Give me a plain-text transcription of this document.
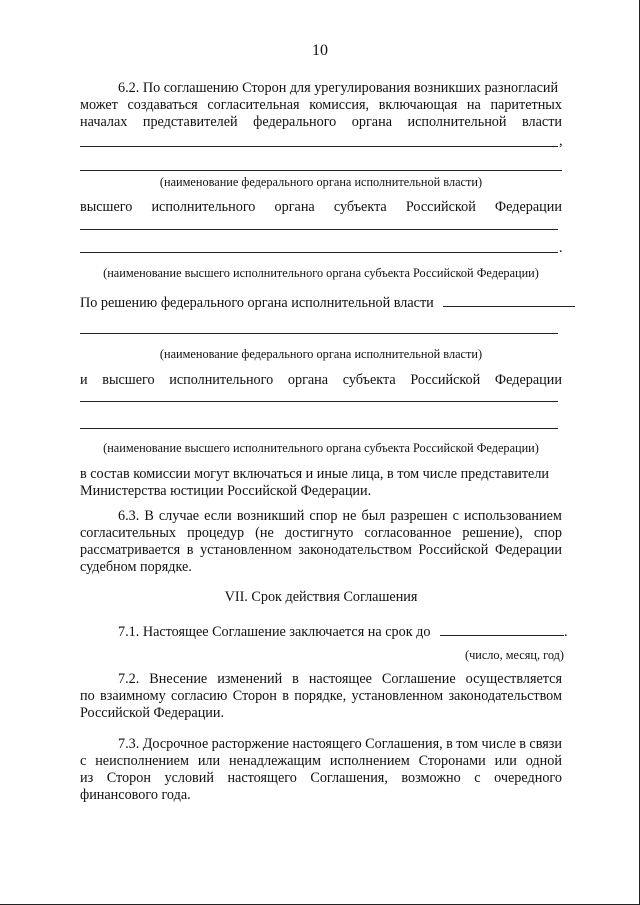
10
6.2. По соглашению Сторон для урегулирования возникших разногласий
может создаваться согласительная комиссия, включающая на паритетных
началах представителей федерального органа исполнительной власти
,
(наименование федерального органа исполнительной власти)
высшего исполнительного органа субъекта Российской Федерации
.
(наименование высшего исполнительного органа субъекта Российской Федерации)
По решению федерального органа исполнительной власти
(наименование федерального органа исполнительной власти)
и высшего исполнительного органа субъекта Российской Федерации
(наименование высшего исполнительного органа субъекта Российской Федерации)
в состав комиссии могут включаться и иные лица, в том числе представители
Министерства юстиции Российской Федерации.
6.3. В случае если возникший спор не был разрешен с использованием
согласительных процедур (не достигнуто согласованное решение), спор
рассматривается в установленном законодательством Российской Федерации
судебном порядке.
VII. Срок действия Соглашения
7.1. Настоящее Соглашение заключается на срок до	.
(число, месяц, год)
7.2. Внесение изменений в настоящее Соглашение осуществляется
по взаимному согласию Сторон в порядке, установленном законодательством
Российской Федерации.
7.3. Досрочное расторжение настоящего Соглашения, в том числе в связи
с неисполнением или ненадлежащим исполнением Сторонами или одной
из Сторон условий настоящего Соглашения, возможно с очередного
финансового года.
